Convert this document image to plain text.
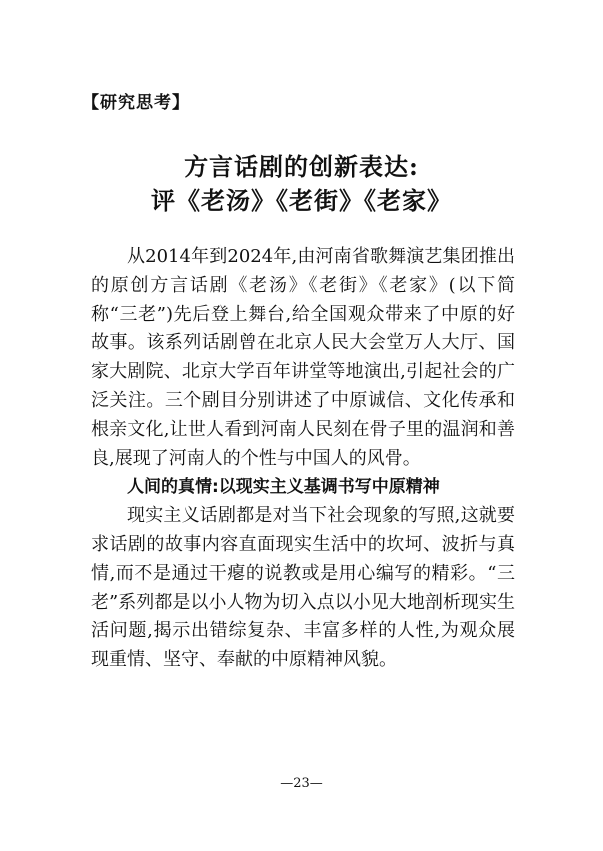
【研究思考】
方言话剧的创新表达:
评《老汤》《老街》《老家》

从2014年到2024年,由河南省歌舞演艺集团推出的原创方言话剧《老汤》《老街》《老家》(以下简称“三老”)先后登上舞台,给全国观众带来了中原的好故事。该系列话剧曾在北京人民大会堂万人大厅、国家大剧院、北京大学百年讲堂等地演出,引起社会的广泛关注。三个剧目分别讲述了中原诚信、文化传承和根亲文化,让世人看到河南人民刻在骨子里的温润和善良,展现了河南人的个性与中国人的风骨。

人间的真情:以现实主义基调书写中原精神

现实主义话剧都是对当下社会现象的写照,这就要求话剧的故事内容直面现实生活中的坎坷、波折与真情,而不是通过干瘪的说教或是用心编写的精彩。“三老”系列都是以小人物为切入点以小见大地剖析现实生活问题,揭示出错综复杂、丰富多样的人性,为观众展现重情、坚守、奉献的中原精神风貌。

—23—
